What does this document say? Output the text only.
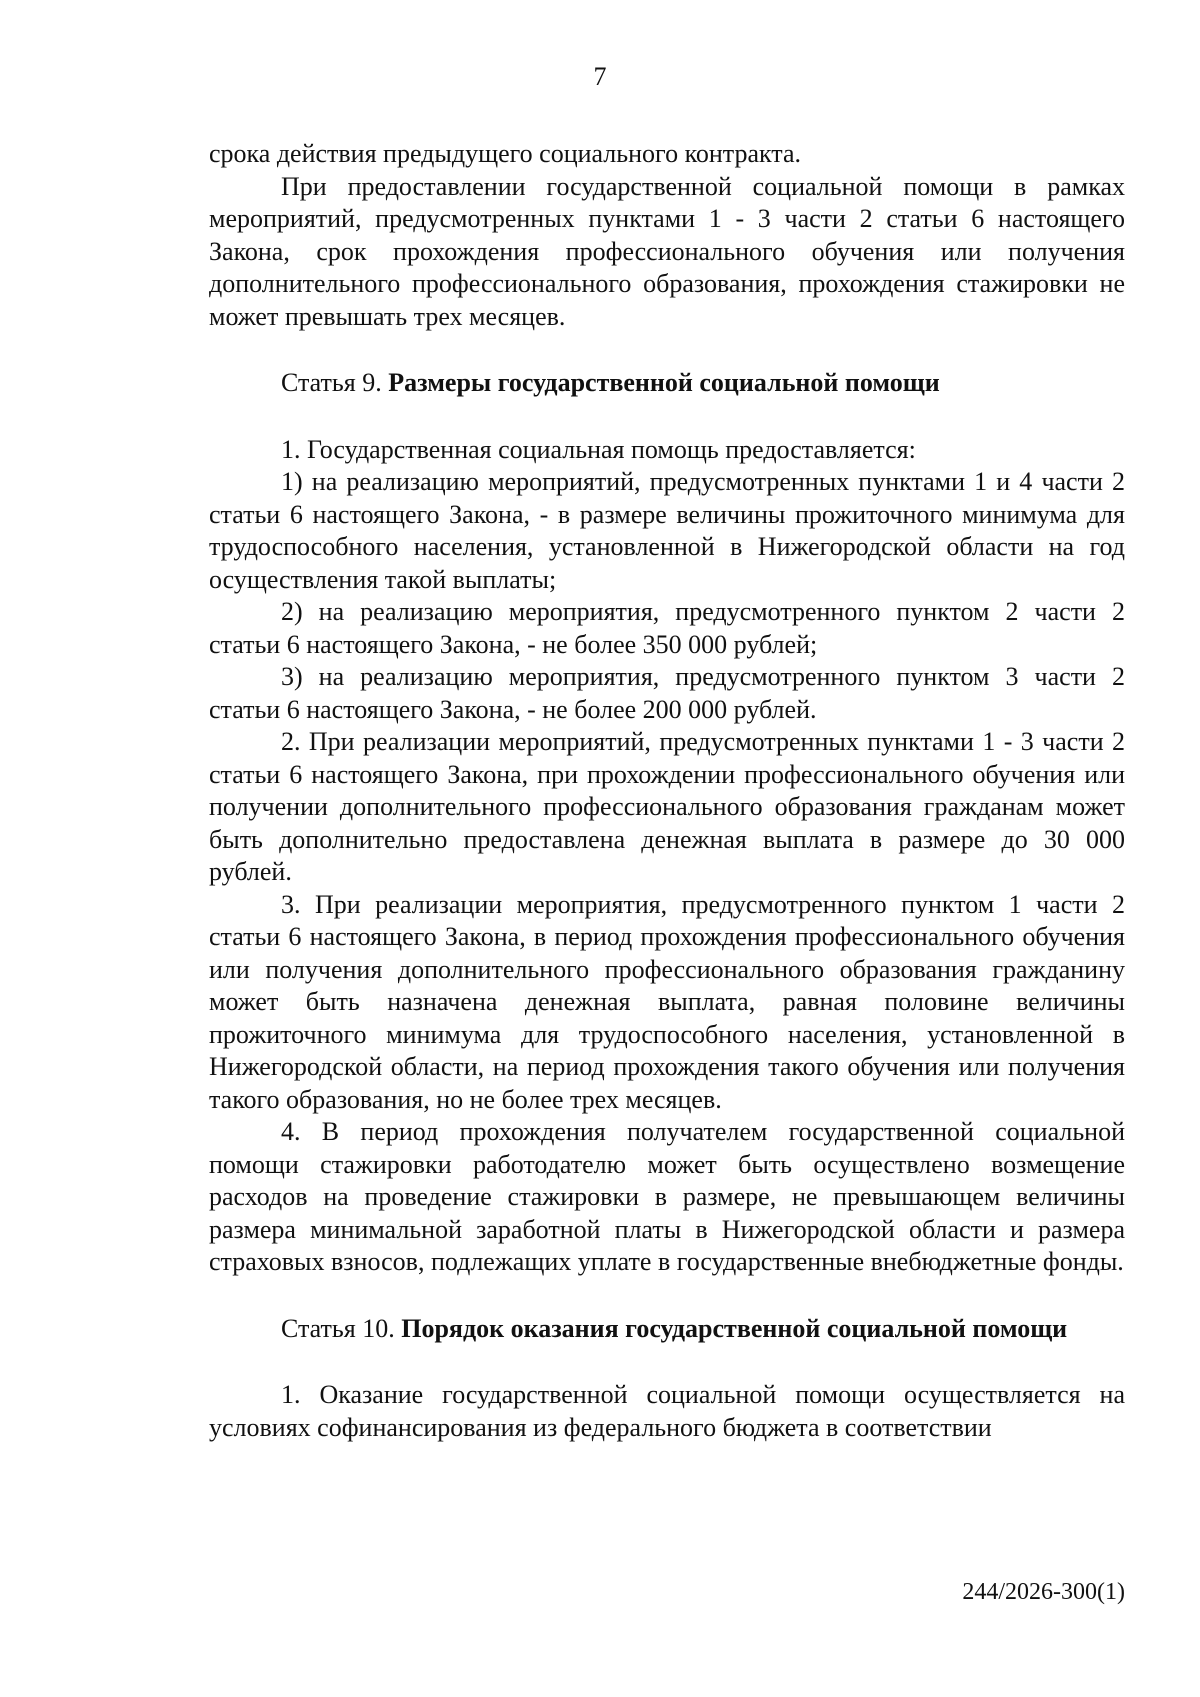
7

срока действия предыдущего социального контракта.

При предоставлении государственной социальной помощи в рамках мероприятий, предусмотренных пунктами 1 - 3 части 2 статьи 6 настоящего Закона, срок прохождения профессионального обучения или получения дополнительного профессионального образования, прохождения стажировки не может превышать трех месяцев.

Статья 9. Размеры государственной социальной помощи

1. Государственная социальная помощь предоставляется:

1) на реализацию мероприятий, предусмотренных пунктами 1 и 4 части 2 статьи 6 настоящего Закона, - в размере величины прожиточного минимума для трудоспособного населения, установленной в Нижегородской области на год осуществления такой выплаты;

2) на реализацию мероприятия, предусмотренного пунктом 2 части 2 статьи 6 настоящего Закона, - не более 350 000 рублей;

3) на реализацию мероприятия, предусмотренного пунктом 3 части 2 статьи 6 настоящего Закона, - не более 200 000 рублей.

2. При реализации мероприятий, предусмотренных пунктами 1 - 3 части 2 статьи 6 настоящего Закона, при прохождении профессионального обучения или получении дополнительного профессионального образования гражданам может быть дополнительно предоставлена денежная выплата в размере до 30 000 рублей.

3. При реализации мероприятия, предусмотренного пунктом 1 части 2 статьи 6 настоящего Закона, в период прохождения профессионального обучения или получения дополнительного профессионального образования гражданину может быть назначена денежная выплата, равная половине величины прожиточного минимума для трудоспособного населения, установленной в Нижегородской области, на период прохождения такого обучения или получения такого образования, но не более трех месяцев.

4. В период прохождения получателем государственной социальной помощи стажировки работодателю может быть осуществлено возмещение расходов на проведение стажировки в размере, не превышающем величины размера минимальной заработной платы в Нижегородской области и размера страховых взносов, подлежащих уплате в государственные внебюджетные фонды.

Статья 10.
Порядок оказания государственной социальной помощи

1. Оказание государственной социальной помощи осуществляется на условиях софинансирования из федерального бюджета в соответствии

244/2026-300(1)
